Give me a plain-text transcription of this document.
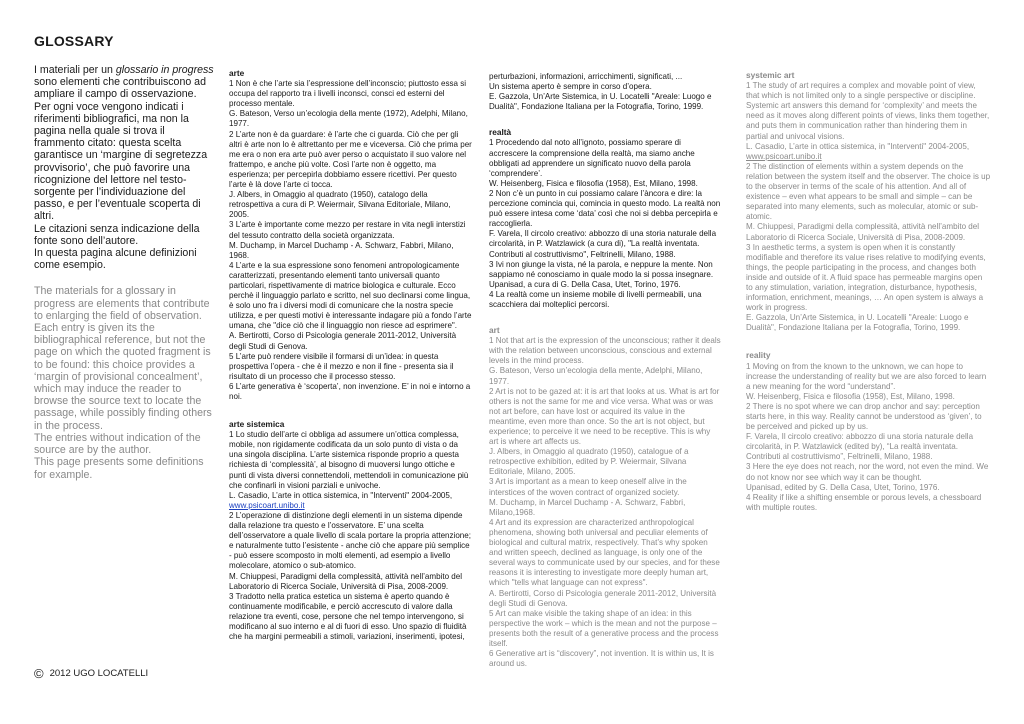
GLOSSARY

I materiali per un glossario in progress sono elementi che contribuiscono ad ampliare il campo di osservazione.

Per ogni voce vengono indicati i riferimenti bibliografici, ma non la pagina nella quale si trova il frammento citato: questa scelta garantisce un ‘margine di segretezza provvisorio’, che può favorire una ricognizione del lettore nel testo-sorgente per l’individuazione del passo, e per l’eventuale scoperta di altri.

Le citazioni senza indicazione della fonte sono dell’autore.

In questa pagina alcune definizioni come esempio.

The materials for a glossary in progress are elements that contribute to enlarging the field of observation. Each entry is given its the bibliographical reference, but not the page on which the quoted fragment is to be found: this choice provides a ‘margin of provisional concealment’, which may induce the reader to browse the source text to locate the passage, while possibly finding others in the process.

The entries without indication of the source are by the author.

This page presents some definitions for example.

© 2012 UGO LOCATELLI
arte

1 Non è che l’arte sia l’espressione dell’inconscio; piuttosto essa si occupa del rapporto tra i livelli inconsci, consci ed esterni del processo mentale.

G. Bateson, Verso un’ecologia della mente (1972), Adelphi, Milano, 1977.

2 L’arte non è da guardare: è l’arte che ci guarda. Ciò che per gli altri è arte non lo è altrettanto per me e viceversa. Ciò che prima per me era o non era arte può aver perso o acquistato il suo valore nel frattempo, e anche più volte. Così l’arte non è oggetto, ma esperienza; per percepirla dobbiamo essere ricettivi. Per questo l’arte è là dove l’arte ci tocca.

J. Albers, in Omaggio al quadrato (1950), catalogo della retrospettiva a cura di P. Weiermair, Silvana Editoriale, Milano, 2005.

3 L’arte è importante come mezzo per restare in vita negli interstizi del tessuto contratto della società organizzata.

M. Duchamp, in Marcel Duchamp - A. Schwarz, Fabbri, Milano, 1968.

4 L’arte e la sua espressione sono fenomeni antropologicamente caratterizzati, presentando elementi tanto universali quanto particolari, rispettivamente di matrice biologica e culturale. Ecco perchè il linguaggio parlato e scritto, nel suo declinarsi come lingua, è solo uno fra i diversi modi di comunicare che la nostra specie utilizza, e per questi motivi è interessante indagare più a fondo l’arte umana, che "dice ciò che il linguaggio non riesce ad esprimere".

A. Bertirotti, Corso di Psicologia generale 2011-2012, Università degli Studi di Genova.

5 L’arte può rendere visibile il formarsi di un’idea: in questa prospettiva l’opera - che è il mezzo e non il fine - presenta sia il risultato di un processo che il processo stesso.

6 L’arte generativa è ‘scoperta’, non invenzione. E’ in noi e intorno a noi.

arte sistemica

1 Lo studio dell’arte ci obbliga ad assumere un’ottica complessa, mobile, non rigidamente codificata da un solo punto di vista o da una singola disciplina. L’arte sistemica risponde proprio a questa richiesta di ‘complessità’, al bisogno di muoversi lungo ottiche e punti di vista diversi connettendoli, mettendoli in comunicazione più che confinarli in visioni parziali e univoche.

L. Casadio, L’arte in ottica sistemica, in "Interventi" 2004-2005,

www.psicoart.unibo.it

2 L’operazione di distinzione degli elementi in un sistema dipende dalla relazione tra questo e l’osservatore. E’ una scelta dell’osservatore a quale livello di scala portare la propria attenzione; e naturalmente tutto l’esistente - anche ciò che appare più semplice - può essere scomposto in molti elementi, ad esempio a livello molecolare, atomico o sub-atomico.

M. Chiuppesi, Paradigmi della complessità, attività nell’ambito del Laboratorio di Ricerca Sociale, Università di Pisa, 2008-2009.

3 Tradotto nella pratica estetica un sistema è aperto quando è continuamente modificabile, e perciò accrescuto di valore dalla relazione tra eventi, cose, persone che nel tempo intervengono, si modificano al suo interno e al di fuori di esso. Uno spazio di fluidità che ha margini permeabili a stimoli, variazioni, inserimenti, ipotesi,

perturbazioni, informazioni, arricchimenti, significati, ...

Un sistema aperto è sempre in corso d’opera.

E. Gazzola, Un’Arte Sistemica, in U. Locatelli "Areale: Luogo e Dualità", Fondazione Italiana per la Fotografia, Torino, 1999.

realtà

1 Procedendo dal noto all’ignoto, possiamo sperare di accrescere la comprensione della realtà, ma siamo anche obbligati ad apprendere un significato nuovo della parola ‘comprendere’.

W. Heisenberg, Fisica e filosofia (1958), Est, Milano, 1998.

2 Non c’è un punto in cui possiamo calare l’àncora e dire: la percezione comincia qui, comincia in questo modo. La realtà non può essere intesa come ‘data’ così che noi si debba percepirla e raccoglierla.

F. Varela, Il circolo creativo: abbozzo di una storia naturale della circolarità, in P. Watzlawick (a cura di), "La realtà inventata. Contributi al costruttivismo", Feltrinelli, Milano, 1988.

3 Ivi non giunge la vista, né la parola, e neppure la mente. Non sappiamo né conosciamo in quale modo la si possa insegnare.

Upanisad, a cura di G. Della Casa, Utet, Torino, 1976.

4 La realtà come un insieme mobile di livelli permeabili, una scacchiera dai molteplici percorsi.

art

1 Not that art is the expression of the unconscious; rather it deals with the relation between unconscious, conscious and external levels in the mind process.

G. Bateson, Verso un’ecologia della mente, Adelphi, Milano, 1977.

2 Art is not to be gazed at: it is art that looks at us. What is art for others is not the same for me and vice versa. What was or was not art before, can have lost or acquired its value in the meantime, even more than once. So the art is not object, but experience; to perceive it we need to be receptive. This is why art is where art affects us.

J. Albers, in Omaggio al quadrato (1950), catalogue of a retrospective exhibition, edited by P. Weiermair, Silvana Editoriale, Milano, 2005.

3 Art is important as a mean to keep oneself alive in the interstices of the woven contract of organized society.

M. Duchamp, in Marcel Duchamp - A. Schwarz, Fabbri, Milano,1968.

4 Art and its expression are characterized anthropological phenomena, showing both universal and peculiar elements of biological and cultural matrix, respectively. That’s why spoken and written speech, declined as language, is only one of the several ways to communicate used by our species, and for these reasons it is interesting to investigate more deeply human art, which "tells what language can not express".

A. Bertirotti, Corso di Psicologia generale 2011-2012, Università degli Studi di Genova.

5 Art can make visible the taking shape of an idea: in this perspective the work – which is the mean and not the purpose – presents both the result of a generative process and the process itself.

6 Generative art is “discovery”, not invention. It is within us, It is around us.

systemic art

1 The study of art requires a complex and movable point of view, that which is not limited only to a single perspective or discipline. Systemic art answers this demand for ‘complexity’ and meets the need as it moves along different points of views, links them together, and puts them in communication rather than hindering them in partial and univocal visions.

L. Casadio, L’arte in ottica sistemica, in "Interventi" 2004-2005,

www.psicoart.unibo.it

2 The distinction of elements within a system depends on the relation between the system itself and the observer. The choice is up to the observer in terms of the scale of his attention. And all of existence – even what appears to be small and simple – can be separated into many elements, such as molecular, atomic or sub-atomic.

M. Chiuppesi, Paradigmi della complessità, attività nell’ambito del Laboratorio di Ricerca Sociale, Università di Pisa, 2008-2009.

3 In aesthetic terms, a system is open when it is constantly modifiable and therefore its value rises relative to modifying events, things, the people participating in the process, and changes both inside and outside of it. A fluid space has permeable margins open to any stimulation, variation, integration, disturbance, hypothesis, information, enrichment, meanings, … An open system is always a work in progress.

E. Gazzola, Un’Arte Sistemica, in U. Locatelli "Areale: Luogo e Dualità", Fondazione Italiana per la Fotografia, Torino, 1999.

reality

1 Moving on from the known to the unknown, we can hope to increase the understanding of reality but we are also forced to learn a new meaning for the word “understand”.

W. Heisenberg, Fisica e filosofia (1958), Est, Milano, 1998.

2 There is no spot where we can drop anchor and say: perception starts here, in this way. Reality cannot be understood as ‘given’, to be perceived and picked up by us.

F. Varela, Il circolo creativo: abbozzo di una storia naturale della circolarità, in P. Watzlawick (edited by), “La realtà inventata. Contributi al costruttivismo”, Feltrinelli, Milano, 1988.

3 Here the eye does not reach, nor the word, not even the mind. We do not know nor see which way it can be thought.

Upanisad, edited by G. Della Casa, Utet, Torino, 1976.

4 Reality if like a shifting ensemble or porous levels, a chessboard with multiple routes.
